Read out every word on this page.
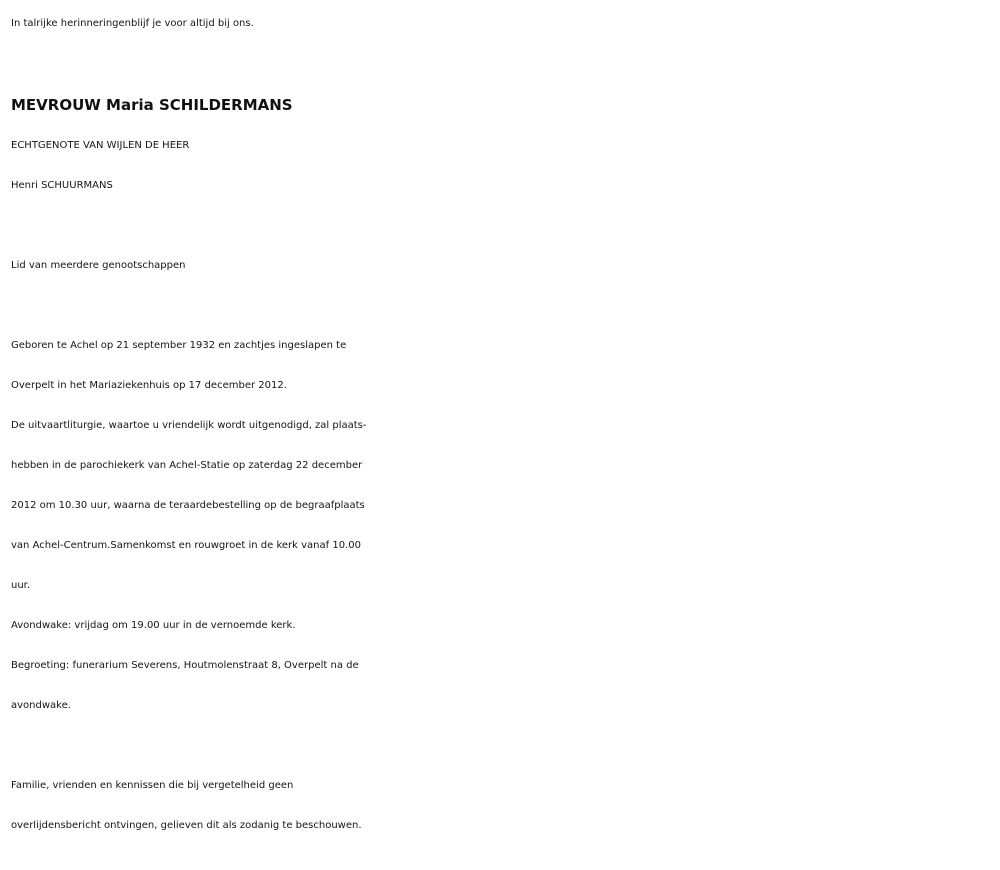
In talrijke herinneringenblijf je voor altijd bij ons.
MEVROUW Maria SCHILDERMANS
ECHTGENOTE VAN WIJLEN DE HEER
Henri SCHUURMANS
Lid van meerdere genootschappen
Geboren te Achel op 21 september 1932 en zachtjes ingeslapen te
Overpelt in het Mariaziekenhuis op 17 december 2012.
De uitvaartliturgie, waartoe u vriendelijk wordt uitgenodigd, zal plaats-
hebben in de parochiekerk van Achel-Statie op zaterdag 22 december
2012 om 10.30 uur, waarna de teraardebestelling op de begraafplaats
van Achel-Centrum.Samenkomst en rouwgroet in de kerk vanaf 10.00
uur.
Avondwake: vrijdag om 19.00 uur in de vernoemde kerk.
Begroeting: funerarium Severens, Houtmolenstraat 8, Overpelt na de
avondwake.
Familie, vrienden en kennissen die bij vergetelheid geen
overlijdensbericht ontvingen, gelieven dit als zodanig te beschouwen.
